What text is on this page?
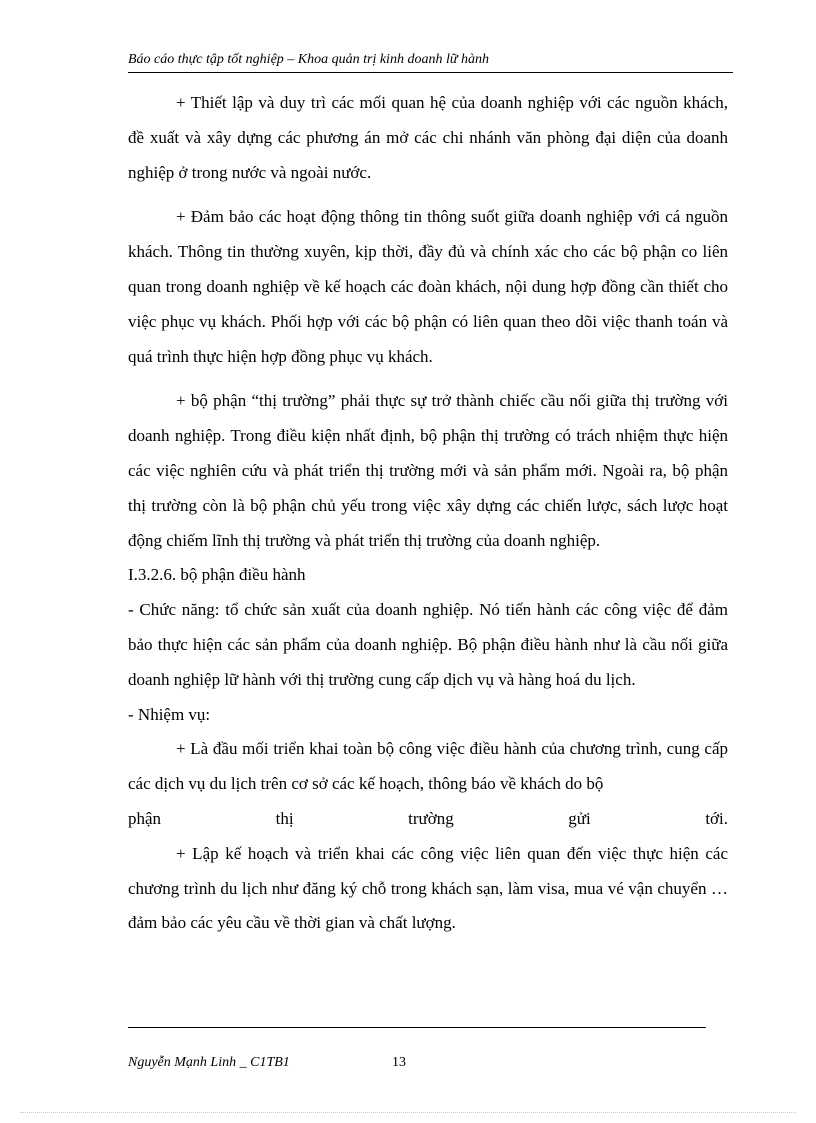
Báo cáo thực tập tốt nghiệp – Khoa quản trị kinh doanh lữ hành

+ Thiết lập và duy trì các mối quan hệ của doanh nghiệp với các nguồn khách, đề xuất và xây dựng các phương án mở các chi nhánh văn phòng đại diện của doanh nghiệp ở trong nước và ngoài nước.

+ Đảm bảo các hoạt động thông tin thông suốt giữa doanh nghiệp với cá nguồn khách. Thông tin thường xuyên, kịp thời, đầy đủ và chính xác cho các bộ phận co liên quan trong doanh nghiệp về kế hoạch các đoàn khách, nội dung hợp đồng cần thiết cho việc phục vụ khách. Phối hợp với các bộ phận có liên quan theo dõi việc thanh toán và quá trình thực hiện hợp đồng phục vụ khách.

+ bộ phận “thị trường” phải thực sự trở thành chiếc cầu nối giữa thị trường với doanh nghiệp. Trong điều kiện nhất định, bộ phận thị trường có trách nhiệm thực hiện các việc nghiên cứu và phát triển thị trường mới và sản phẩm mới. Ngoài ra, bộ phận thị trường còn là bộ phận chủ yếu trong việc xây dựng các chiến lược, sách lược hoạt động chiếm lĩnh thị trường và phát triển thị trường của doanh nghiệp.

I.3.2.6. bộ phận điều hành

- Chức năng: tổ chức sản xuất của doanh nghiệp. Nó tiến hành các công việc để đảm bảo thực hiện các sản phẩm của doanh nghiệp. Bộ phận điều hành như là cầu nối giữa doanh nghiệp lữ hành với thị trường cung cấp dịch vụ và hàng hoá du lịch.

- Nhiệm vụ:

+ Là đầu mối triển khai toàn bộ công việc điều hành của chương trình, cung cấp các dịch vụ du lịch trên cơ sở các kế hoạch, thông báo về khách do bộ

phận thị trường gửi tới.

+ Lập kế hoạch và triển khai các công việc liên quan đến việc thực hiện các chương trình du lịch như đăng ký chỗ trong khách sạn, làm visa, mua vé vận chuyển … đảm bảo các yêu cầu về thời gian và chất lượng.

Nguyễn Mạnh Linh _ C1TB1	13
